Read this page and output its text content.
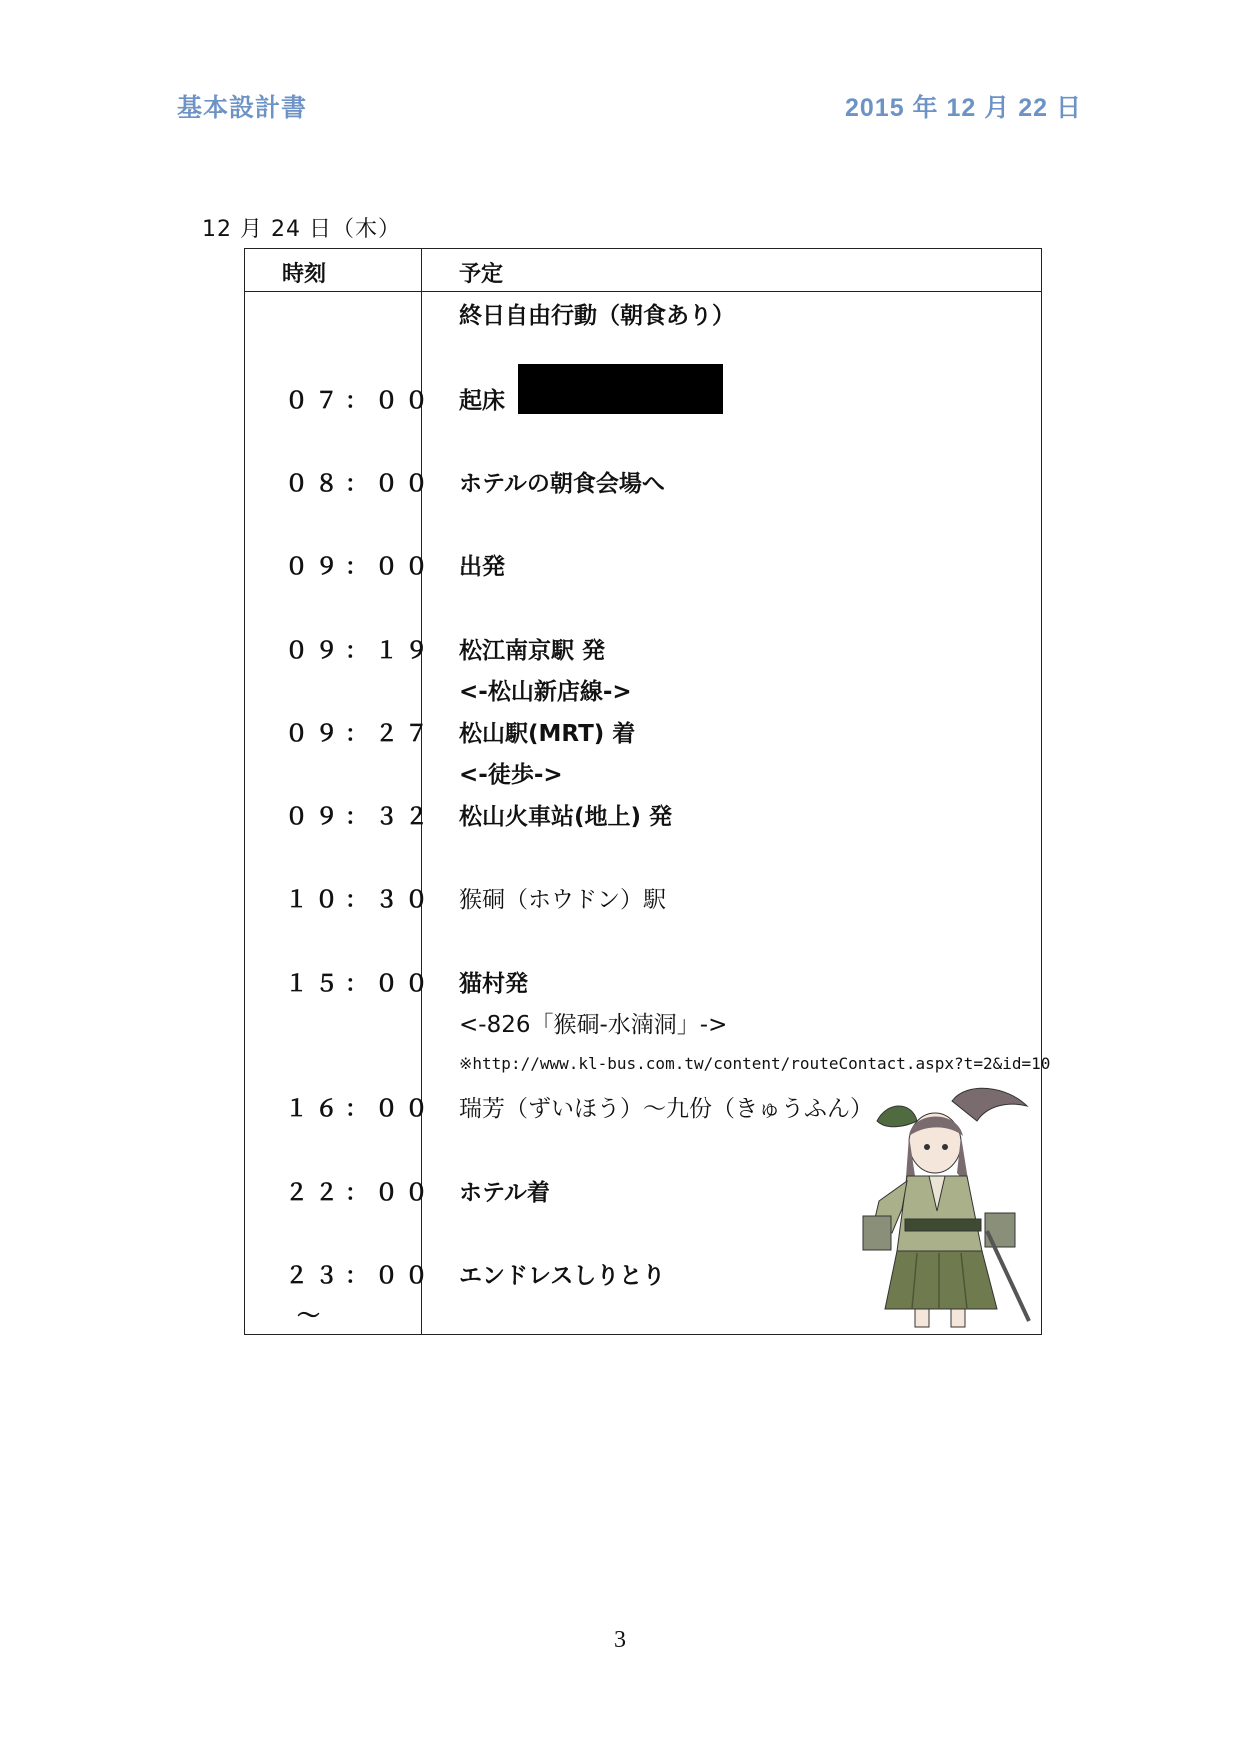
基本設計書	2015 年 12 月 22 日
12 月 24 日（木）
時刻	予定
終日自由行動（朝食あり）
０７：００ 起床
０８：００ ホテルの朝食会場へ
０９：００ 出発
０９：１９ 松江南京駅 発
<-松山新店線->
０９：２７ 松山駅(MRT) 着
<-徒歩->
０９：３２ 松山火車站(地上) 発
１０：３０ 猴硐（ホウドン）駅
１５：００ 猫村発
<-826「猴硐-水湳洞」->
※http://www.kl-bus.com.tw/content/routeContact.aspx?t=2&id=10
１６：００ 瑞芳（ずいほう）～九份（きゅうふん）
２２：００ ホテル着
２３：００ エンドレスしりとり
～
3
